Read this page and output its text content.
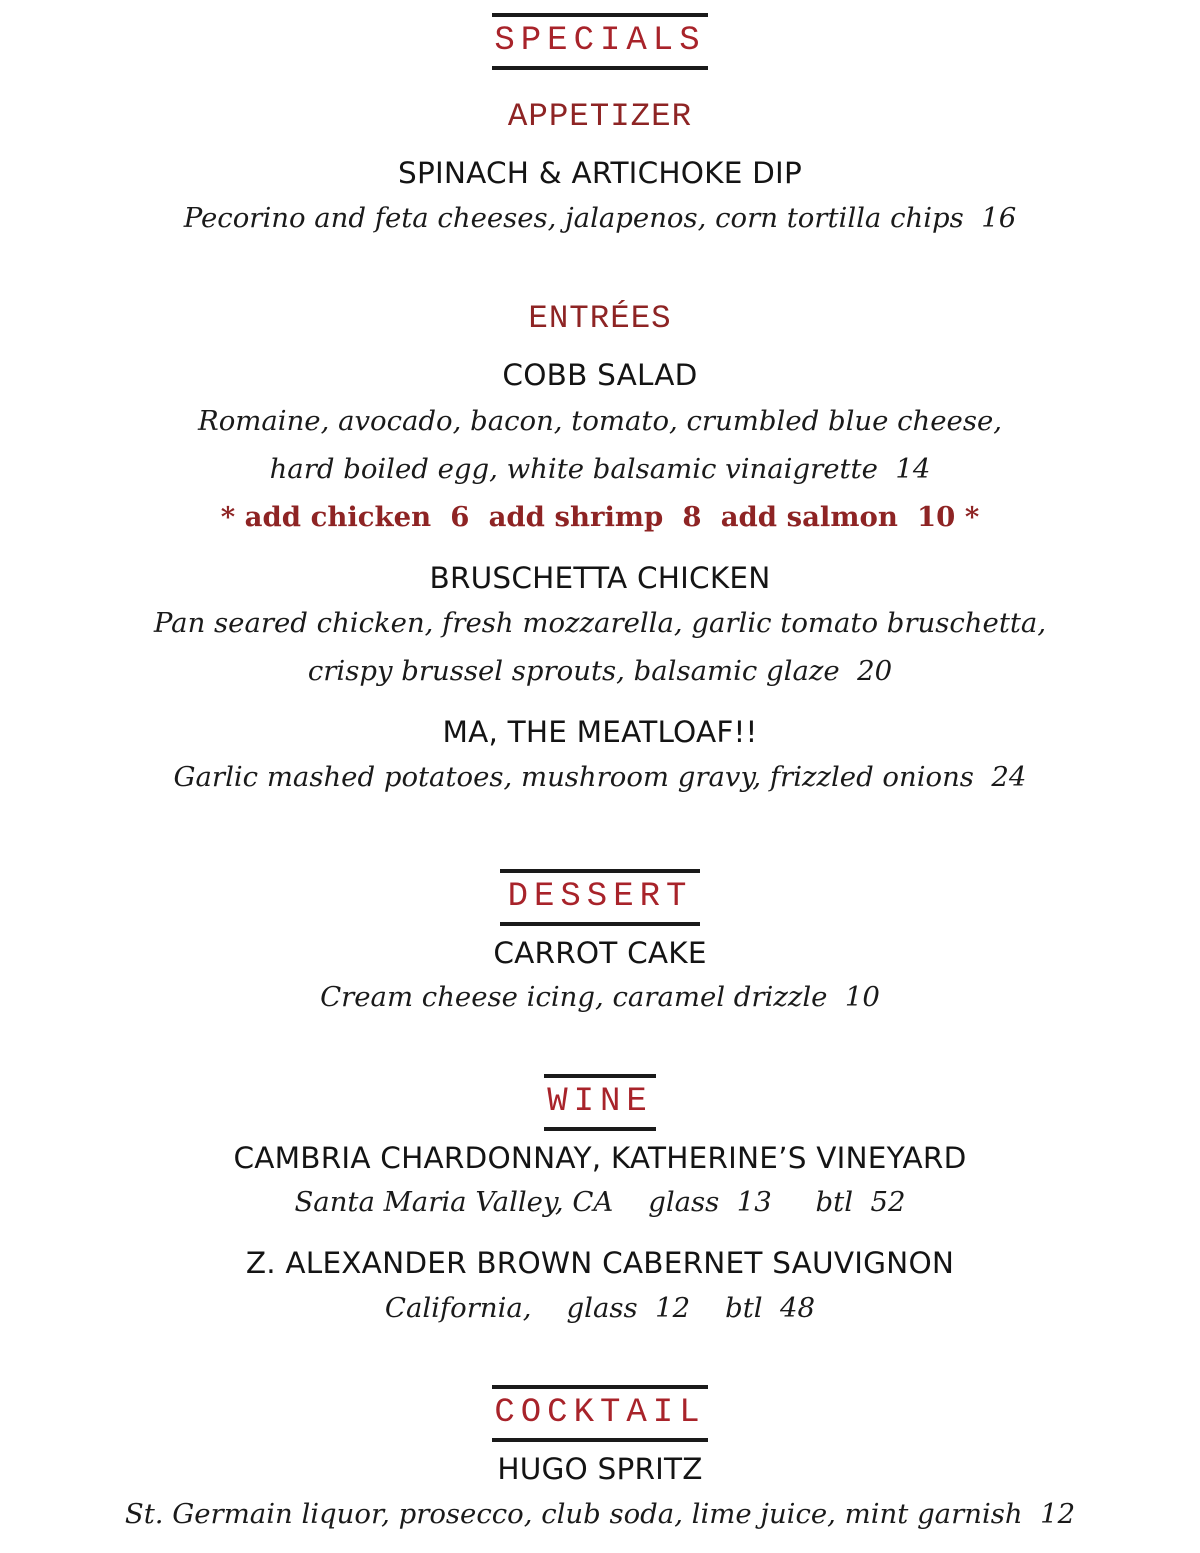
SPECIALS
APPETIZER
SPINACH & ARTICHOKE DIP
Pecorino and feta cheeses, jalapenos, corn tortilla chips  16
ENTRÉES
COBB SALAD
Romaine, avocado, bacon, tomato, crumbled blue cheese,
hard boiled egg, white balsamic vinaigrette  14
* add chicken  6  add shrimp  8  add salmon  10 *
BRUSCHETTA CHICKEN
Pan seared chicken, fresh mozzarella, garlic tomato bruschetta,
crispy brussel sprouts, balsamic glaze  20
MA, THE MEATLOAF!!
Garlic mashed potatoes, mushroom gravy, frizzled onions  24
DESSERT
CARROT CAKE
Cream cheese icing, caramel drizzle  10
WINE
CAMBRIA CHARDONNAY, KATHERINE’S VINEYARD
Santa Maria Valley, CA    glass  13     btl  52
Z. ALEXANDER BROWN CABERNET SAUVIGNON
California,    glass  12    btl  48
COCKTAIL
HUGO SPRITZ
St. Germain liquor, prosecco, club soda, lime juice, mint garnish  12
